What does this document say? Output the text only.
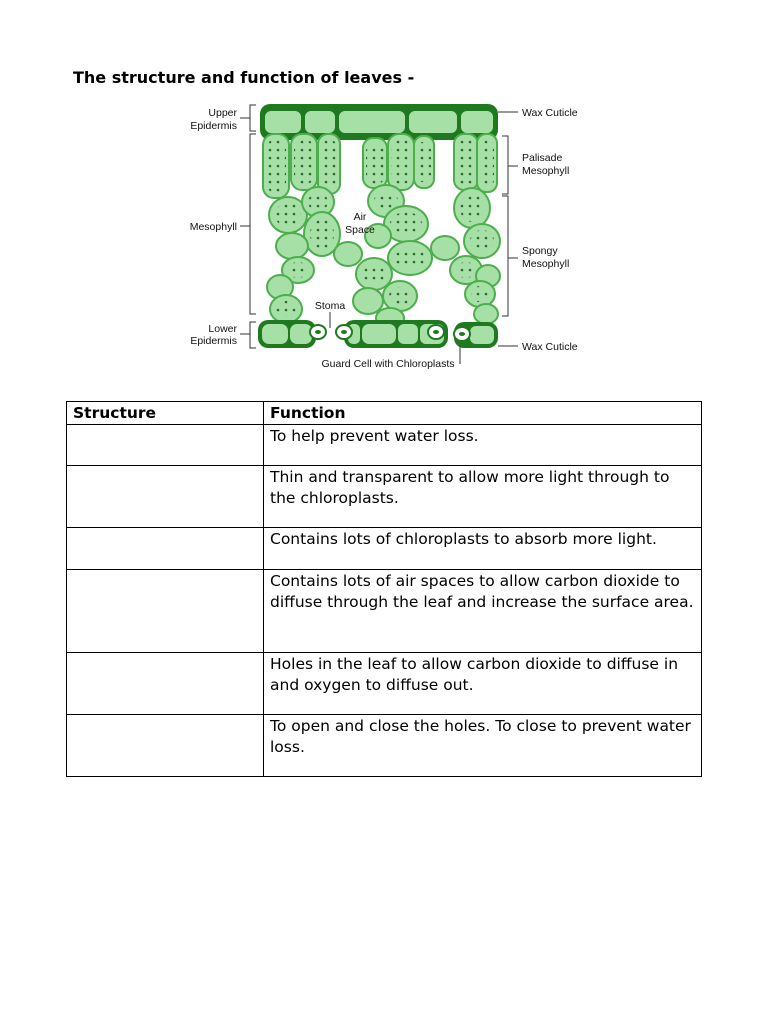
The structure and function of leaves -
Upper
Epidermis
Mesophyll
Lower
Epidermis
Wax Cuticle
Palisade
Mesophyll
Spongy
Mesophyll
Wax Cuticle
Air
Space
Stoma
Guard Cell with Chloroplasts
Structure	Function
	To help prevent water loss.
	Thin and transparent to allow more light through to the chloroplasts.
	Contains lots of chloroplasts to absorb more light.
	Contains lots of air spaces to allow carbon dioxide to diffuse through the leaf and increase the surface area.
	Holes in the leaf to allow carbon dioxide to diffuse in and oxygen to diffuse out.
	To open and close the holes. To close to prevent water loss.
